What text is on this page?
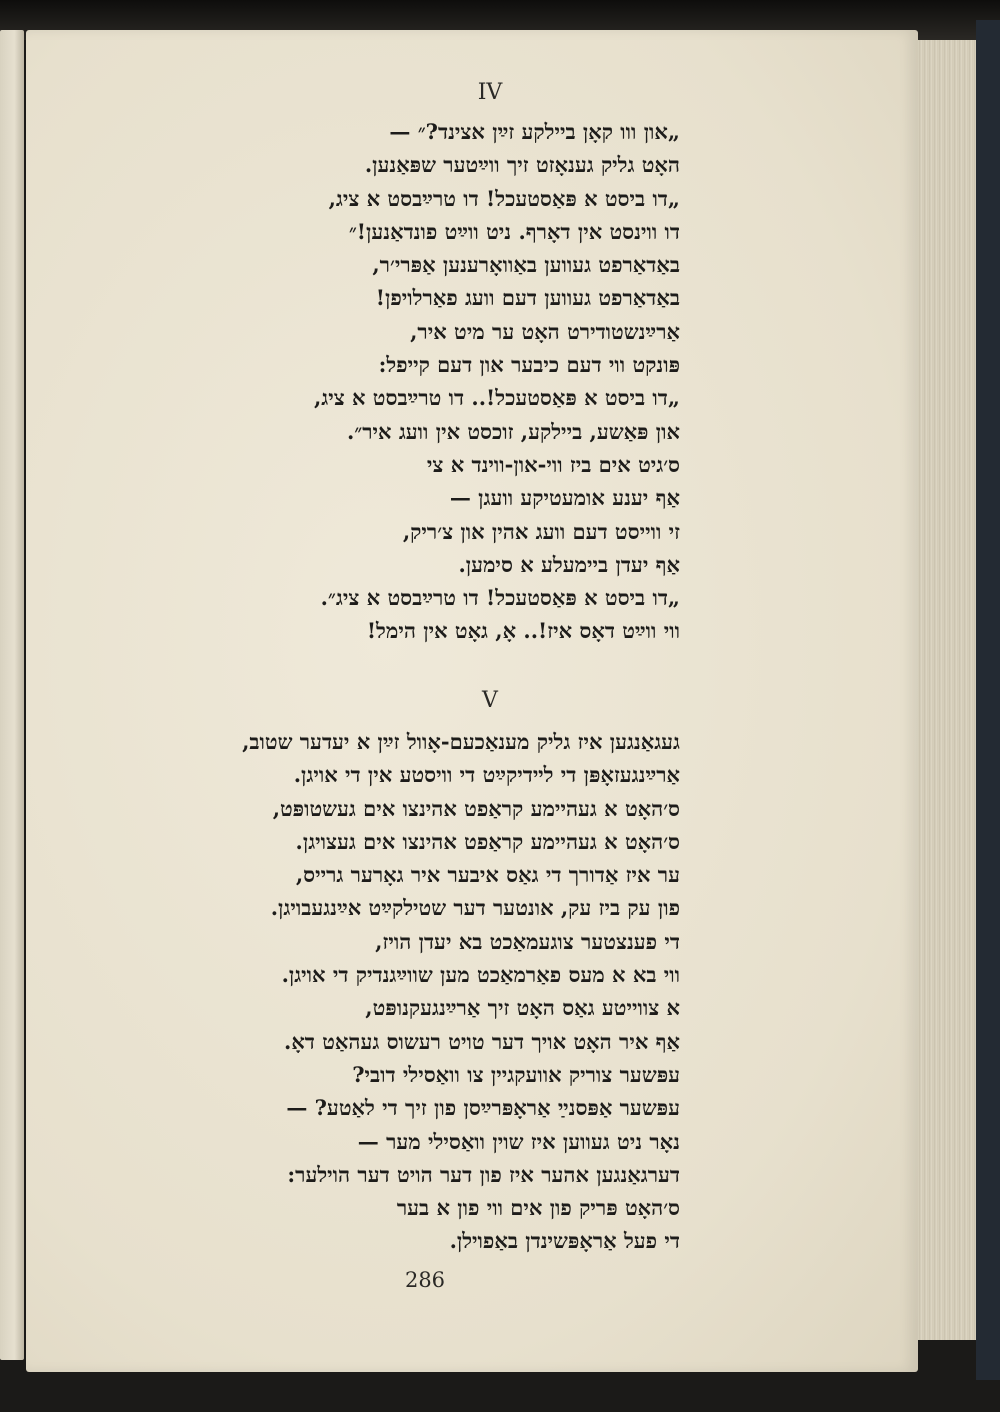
IV
„און ווו קאָן ביילקע זײַן אצינד?״ —
האָט גליק גענאָזט זיך ווײַטער שפּאַנען.
„דו ביסט א פּאַסטעכל! דו טרײַבסט א ציג,
דו ווינסט אין דאָרף. ניט ווײַט פונדאַנען!״
באַדאַרפט געווען באַוואָרענען אַפּרי׳ר,
באַדאַרפט געווען דעם וועג פאַרלויפן!
אַרײַנשטודירט האָט ער מיט איר,
פּונקט ווי דעם כיבער און דעם קייפל:
„דו ביסט א פּאַסטעכל!.. דו טרײַבסט א ציג,
און פּאַשע, ביילקע, זוכסט אין וועג איר״.
ס׳גיט אים ביז ווי-און-ווינד א צי
אַף יענע אומעטיקע וועגן —
זי ווייסט דעם וועג אהין און צ׳ריק,
אַף יעדן ביימעלע א סימען.
„דו ביסט א פּאַסטעכל! דו טרײַבסט א ציג״.
ווי ווײַט דאָס איז!.. אָ, גאָט אין הימל!
V
געגאַנגען איז גליק מענאַכעם-אָוול זײַן א יעדער שטוב,
אַרײַנגעזאָפּן די לײדיקײַט די וויסטע אין די אויגן.
ס׳האָט א געהיימע קראַפט אהינצו אים געשטופּט,
ס׳האָט א געהיימע קראַפט אהינצו אים געצויגן.
ער איז אַדורך די גאַס איבער איר גאָרער גרייס,
פון עק ביז עק, אונטער דער שטילקײַט אײַנגעבויגן.
די פענצטער צוגעמאַכט בא יעדן הויז,
ווי בא א מעס פאַרמאַכט מען שווײַגנדיק די אויגן.
א צווייטע גאַס האָט זיך אַרײַנגעקנופּט,
אַף איר האָט אויך דער טויט רעשוס געהאַט דאָ.
עפּשער צוריק אוועקגיין צו וואַסילי דובי?
עפּשער אַפּסנײַ אַראָפּרײַסן פון זיך די לאַטע? —
נאָר ניט געווען איז שוין וואַסילי מער —
דערגאַנגען אהער איז פון דער הויט דער הוילער:
ס׳האָט פּריק פון אים ווי פון א בער
די פעל אַראָפּשינדן באַפוילן.
286
